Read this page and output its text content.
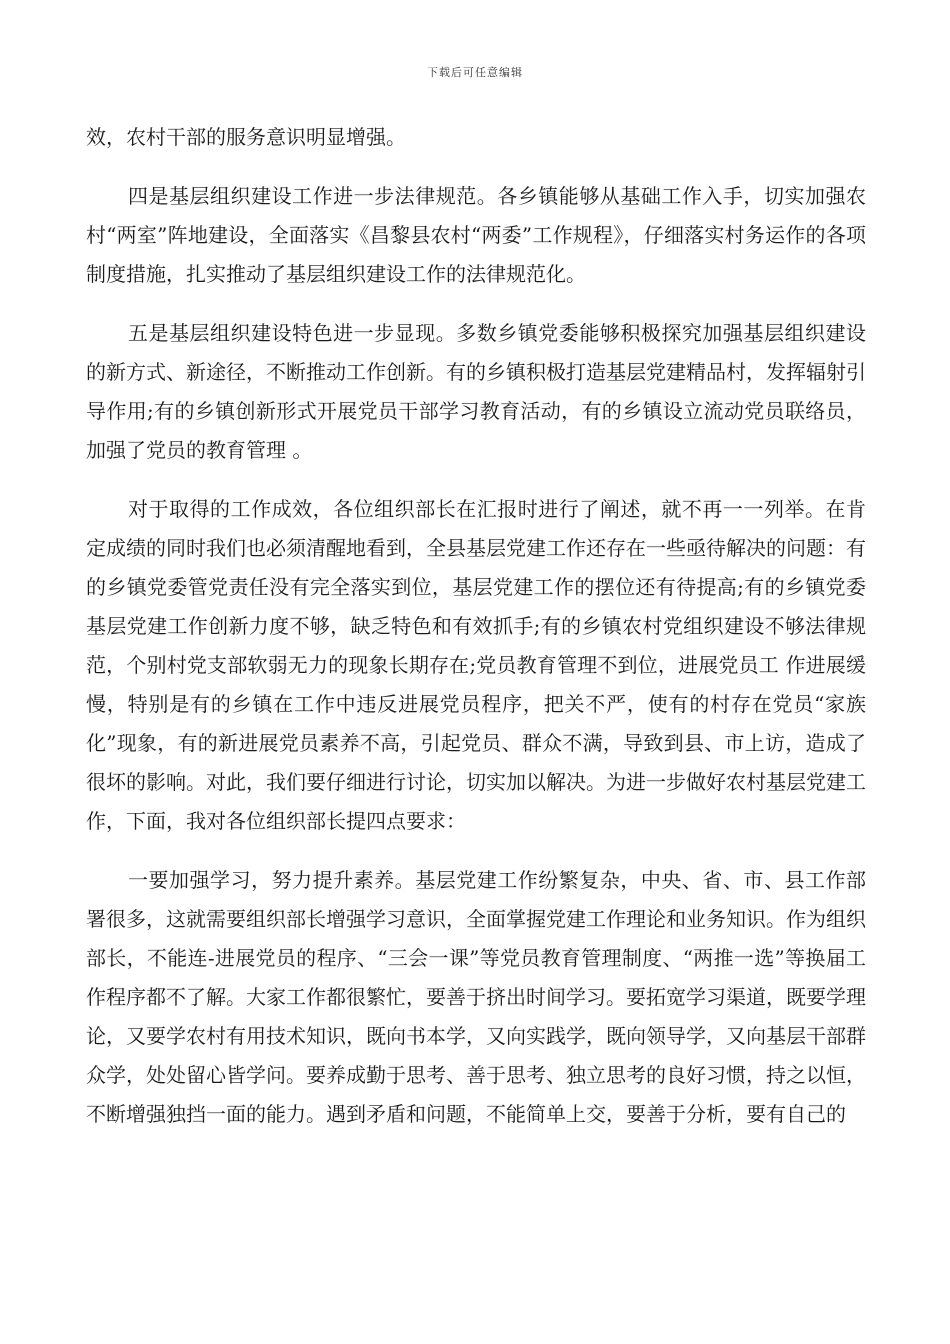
下载后可任意编辑

效，农村干部的服务意识明显增强。

四是基层组织建设工作进一步法律规范。各乡镇能够从基础工作入手，切实加强农村“两室”阵地建设，全面落实《昌黎县农村“两委”工作规程》，仔细落实村务运作的各项制度措施，扎实推动了基层组织建设工作的法律规范化。

五是基层组织建设特色进一步显现。多数乡镇党委能够积极探究加强基层组织建设的新方式、新途径，不断推动工作创新。有的乡镇积极打造基层党建精品村，发挥辐射引导作用;有的乡镇创新形式开展党员干部学习教育活动，有的乡镇设立流动党员联络员，加强了党员的教育管理 。

对于取得的工作成效，各位组织部长在汇报时进行了阐述，就不再一一列举。在肯定成绩的同时我们也必须清醒地看到，全县基层党建工作还存在一些亟待解决的问题：有的乡镇党委管党责任没有完全落实到位，基层党建工作的摆位还有待提高;有的乡镇党委基层党建工作创新力度不够，缺乏特色和有效抓手;有的乡镇农村党组织建设不够法律规范，个别村党支部软弱无力的现象长期存在;党员教育管理不到位，进展党员工 作进展缓慢，特别是有的乡镇在工作中违反进展党员程序，把关不严，使有的村存在党员“家族化”现象，有的新进展党员素养不高，引起党员、群众不满，导致到县、市上访，造成了很坏的影响。对此，我们要仔细进行讨论，切实加以解决。为进一步做好农村基层党建工作，下面，我对各位组织部长提四点要求：

一要加强学习，努力提升素养。基层党建工作纷繁复杂，中央、省、市、县工作部署很多，这就需要组织部长增强学习意识，全面掌握党建工作理论和业务知识。作为组织部长，不能连-进展党员的程序、“三会一课”等党员教育管理制度、“两推一选”等换届工作程序都不了解。大家工作都很繁忙，要善于挤出时间学习。要拓宽学习渠道，既要学理论，又要学农村有用技术知识，既向书本学，又向实践学，既向领导学，又向基层干部群众学，处处留心皆学问。要养成勤于思考、善于思考、独立思考的良好习惯，持之以恒，不断增强独挡一面的能力。遇到矛盾和问题，不能简单上交，要善于分析，要有自己的
